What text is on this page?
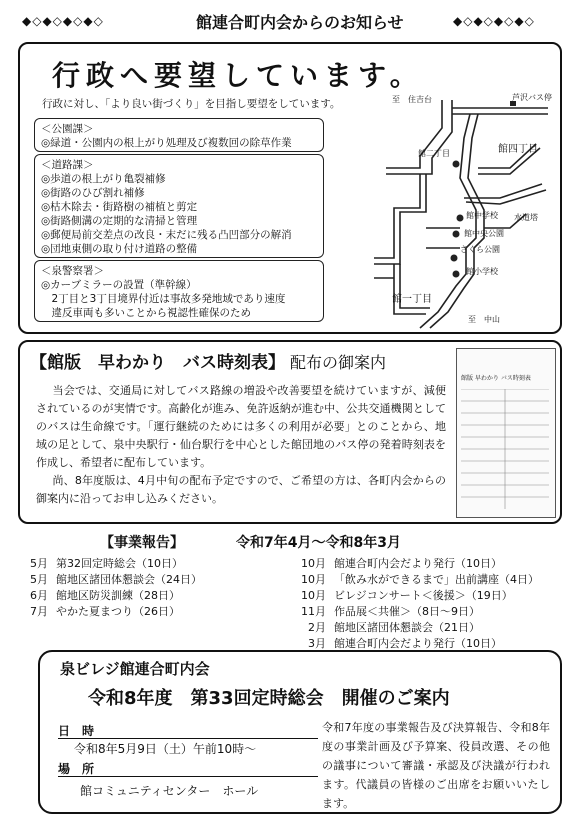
◆◇◆◇◆◇◆◇	館連合町内会からのお知らせ	◆◇◆◇◆◇◆◇
行政へ要望しています。
行政に対し、「より良い街づくり」を目指し要望をしています。
＜公園課＞
◎緑道・公園内の根上がり処理及び複数回の除草作業
＜道路課＞
◎歩道の根上がり亀裂補修
◎街路のひび割れ補修
◎枯木除去・街路樹の補植と剪定
◎街路側溝の定期的な清掃と管理
◎郵便局前交差点の改良・末だに残る凸凹部分の解消
◎団地東側の取り付け道路の整備
＜泉警察署＞
◎カーブミラーの設置（準幹線）
　2丁目と3丁目境界付近は事故多発地域であり速度
　違反車両も多いことから視認性確保のため
至　住吉台	芦沢バス停
館四丁目
館二丁目
館中学校 水道塔
館中央公園
さくら公園
館小学校
館一丁目
至　中山
【館版　早わかり　バス時刻表】 配布の御案内
当会では、交通局に対してバス路線の増設や改善要望を続けていますが、減便されているのが実情です。高齢化が進み、免許返納が進む中、公共交通機関としてのバスは生命線です。「運行継続のためには多くの利用が必要」とのことから、地域の足として、泉中央駅行・仙台駅行を中心とした館団地のバス停の発着時刻表を作成し、希望者に配布しています。
尚、8年度版は、4月中旬の配布予定ですので、ご希望の方は、各町内会からの御案内に沿ってお申し込みください。
館版 早わかり バス時刻表
【事業報告】	令和7年4月～令和8年3月
5月 第32回定時総会（10日）
5月 館地区諸団体懇談会（24日）
6月 館地区防災訓練（28日）
7月 やかた夏まつり（26日）
10月 館連合町内会だより発行（10日）
10月 「飲み水ができるまで」出前講座（4日）
10月 ビレジコンサート＜後援＞（19日）
11月 作品展＜共催＞（8日～9日）
2月 館地区諸団体懇談会（21日）
3月 館連合町内会だより発行（10日）
泉ビレジ館連合町内会
令和8年度　第33回定時総会　開催のご案内
日　時
令和8年5月9日（土）午前10時～
場　所
館コミュニティセンター　ホール
令和7年度の事業報告及び決算報告、令和8年度の事業計画及び予算案、役員改選、その他の議事について審議・承認及び決議が行われます。代議員の皆様のご出席をお願いいたします。
